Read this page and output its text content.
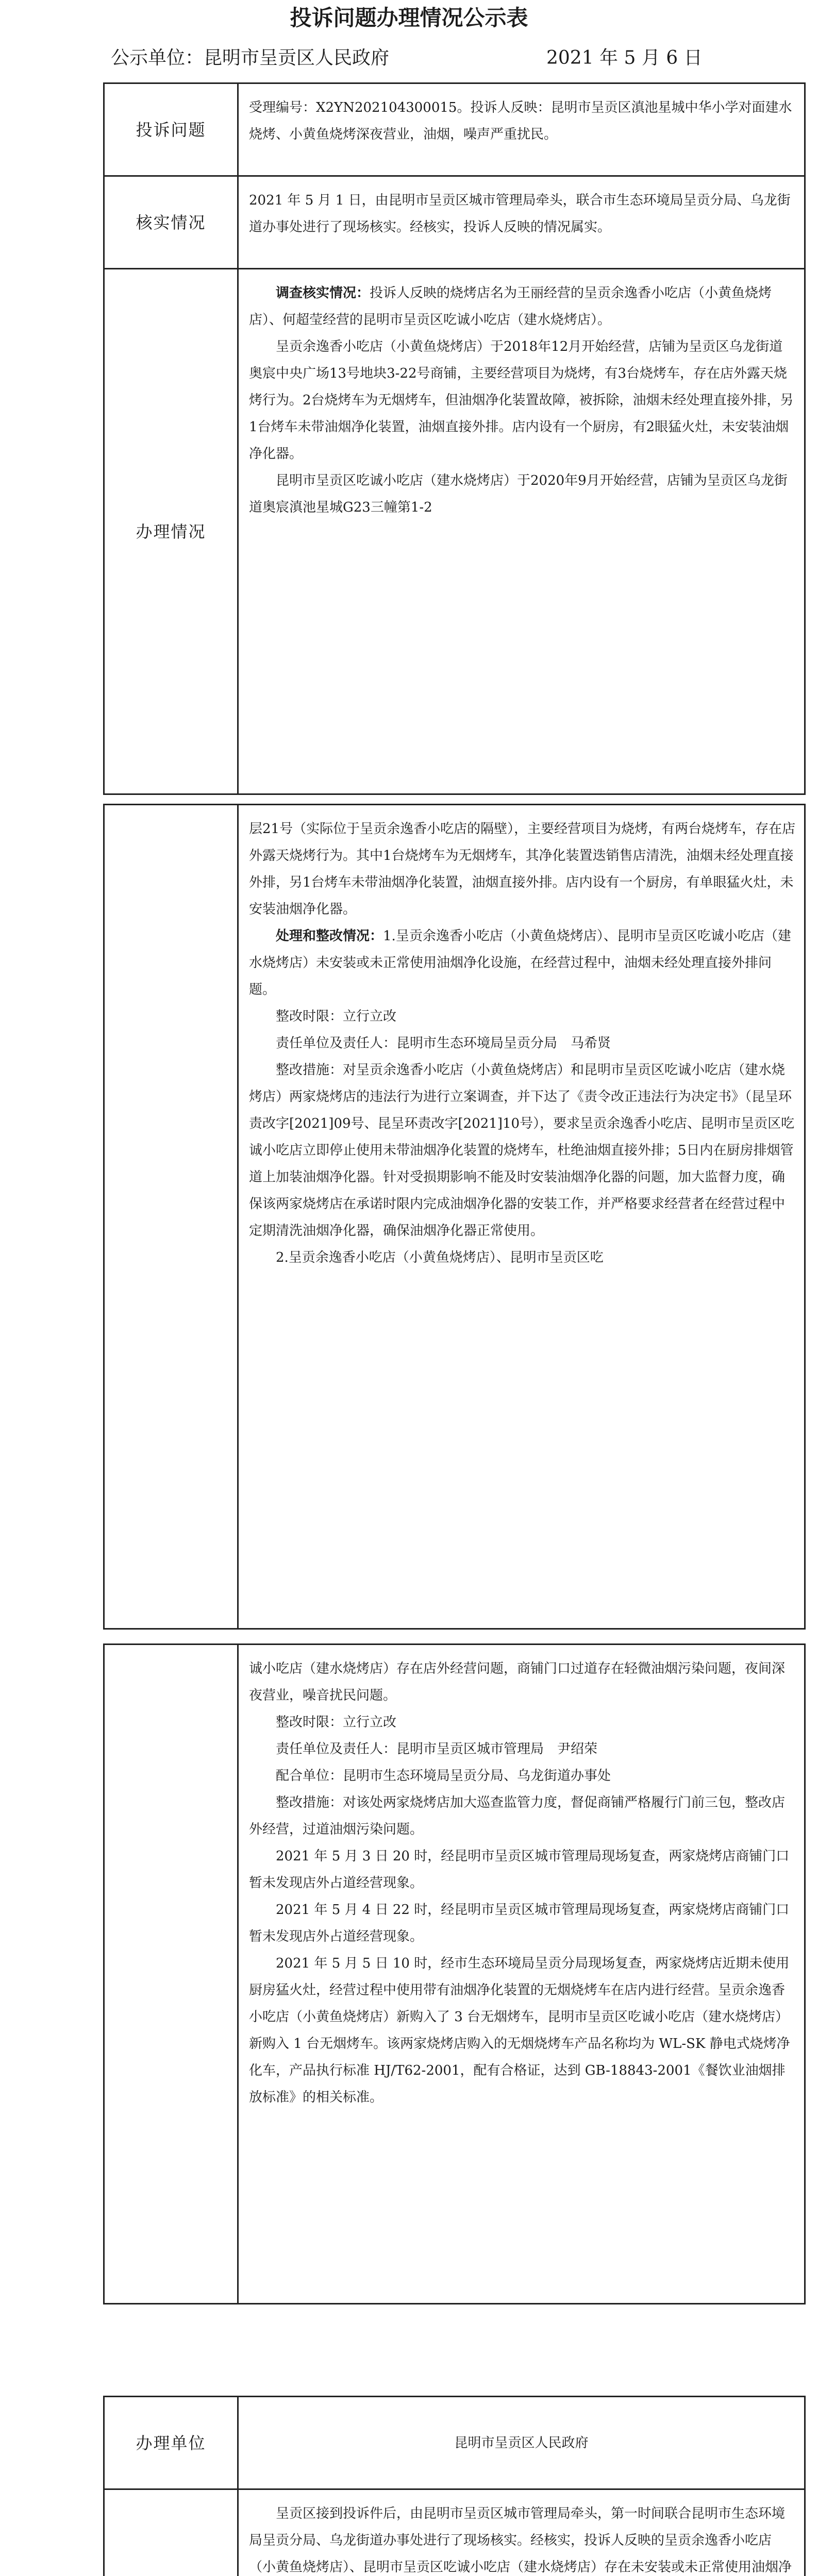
投诉问题办理情况公示表
公示单位：昆明市呈贡区人民政府	2021 年 5 月 6 日
投诉问题	受理编号：X2YN202104300015。投诉人反映：昆明市呈贡区滇池星城中华小学对面建水烧烤、小黄鱼烧烤深夜营业，油烟，噪声严重扰民。

核实情况	2021 年 5 月 1 日，由昆明市呈贡区城市管理局牵头，联合市生态环境局呈贡分局、乌龙街道办事处进行了现场核实。经核实，投诉人反映的情况属实。

办理情况	调查核实情况：投诉人反映的烧烤店名为王丽经营的呈贡余逸香小吃店（小黄鱼烧烤店）、何超莹经营的昆明市呈贡区吃诚小吃店（建水烧烤店）。

呈贡余逸香小吃店（小黄鱼烧烤店）于2018年12月开始经营，店铺为呈贡区乌龙街道奥宸中央广场13号地块3-22号商铺，主要经营项目为烧烤，有3台烧烤车，存在店外露天烧烤行为。2台烧烤车为无烟烤车，但油烟净化装置故障，被拆除，油烟未经处理直接外排，另1台烤车未带油烟净化装置，油烟直接外排。店内设有一个厨房，有2眼猛火灶，未安装油烟净化器。

昆明市呈贡区吃诚小吃店（建水烧烤店）于2020年9月开始经营，店铺为呈贡区乌龙街道奥宸滇池星城G23三幢第1-2

层21号（实际位于呈贡余逸香小吃店的隔壁），主要经营项目为烧烤，有两台烧烤车，存在店外露天烧烤行为。其中1台烧烤车为无烟烤车，其净化装置迭销售店清洗，油烟未经处理直接外排，另1台烤车未带油烟净化装置，油烟直接外排。店内设有一个厨房，有单眼猛火灶，未安装油烟净化器。

处理和整改情况：1.呈贡余逸香小吃店（小黄鱼烧烤店）、昆明市呈贡区吃诚小吃店（建水烧烤店）未安装或未正常使用油烟净化设施，在经营过程中，油烟未经处理直接外排问题。

整改时限：立行立改

责任单位及责任人：昆明市生态环境局呈贡分局　马希贤

整改措施：对呈贡余逸香小吃店（小黄鱼烧烤店）和昆明市呈贡区吃诚小吃店（建水烧烤店）两家烧烤店的违法行为进行立案调查，并下达了《责令改正违法行为决定书》（昆呈环责改字[2021]09号、昆呈环责改字[2021]10号），要求呈贡余逸香小吃店、昆明市呈贡区吃诚小吃店立即停止使用未带油烟净化装置的烧烤车，杜绝油烟直接外排；5日内在厨房排烟管道上加装油烟净化器。针对受损期影响不能及时安装油烟净化器的问题，加大监督力度，确保该两家烧烤店在承诺时限内完成油烟净化器的安装工作，并严格要求经营者在经营过程中定期清洗油烟净化器，确保油烟净化器正常使用。

2.呈贡余逸香小吃店（小黄鱼烧烤店）、昆明市呈贡区吃

诚小吃店（建水烧烤店）存在店外经营问题，商铺门口过道存在轻微油烟污染问题，夜间深夜营业，噪音扰民问题。

整改时限：立行立改

责任单位及责任人：昆明市呈贡区城市管理局　尹绍荣

配合单位：昆明市生态环境局呈贡分局、乌龙街道办事处

整改措施：对该处两家烧烤店加大巡查监管力度，督促商铺严格履行门前三包，整改店外经营，过道油烟污染问题。

2021 年 5 月 3 日 20 时，经昆明市呈贡区城市管理局现场复查，两家烧烤店商铺门口暂未发现店外占道经营现象。

2021 年 5 月 4 日 22 时，经昆明市呈贡区城市管理局现场复查，两家烧烤店商铺门口暂未发现店外占道经营现象。

2021 年 5 月 5 日 10 时，经市生态环境局呈贡分局现场复查，两家烧烤店近期未使用厨房猛火灶，经营过程中使用带有油烟净化装置的无烟烧烤车在店内进行经营。呈贡余逸香小吃店（小黄鱼烧烤店）新购入了 3 台无烟烤车，昆明市呈贡区吃诚小吃店（建水烧烤店）新购入 1 台无烟烤车。该两家烧烤店购入的无烟烧烤车产品名称均为 WL-SK 静电式烧烤净化车，产品执行标准 HJ/T62-2001，配有合格证，达到 GB-18843-2001《餐饮业油烟排放标准》的相关标准。

办理单位	昆明市呈贡区人民政府

呈贡区接到投诉件后，由昆明市呈贡区城市管理局牵头，第一时间联合昆明市生态环境局呈贡分局、乌龙街道办事处进行了现场核实。经核实，投诉人反映的呈贡余逸香小吃店（小黄鱼烧烤店）、昆明市呈贡区吃诚小吃店（建水烧烤店）存在未安装或未正常使用油烟净
